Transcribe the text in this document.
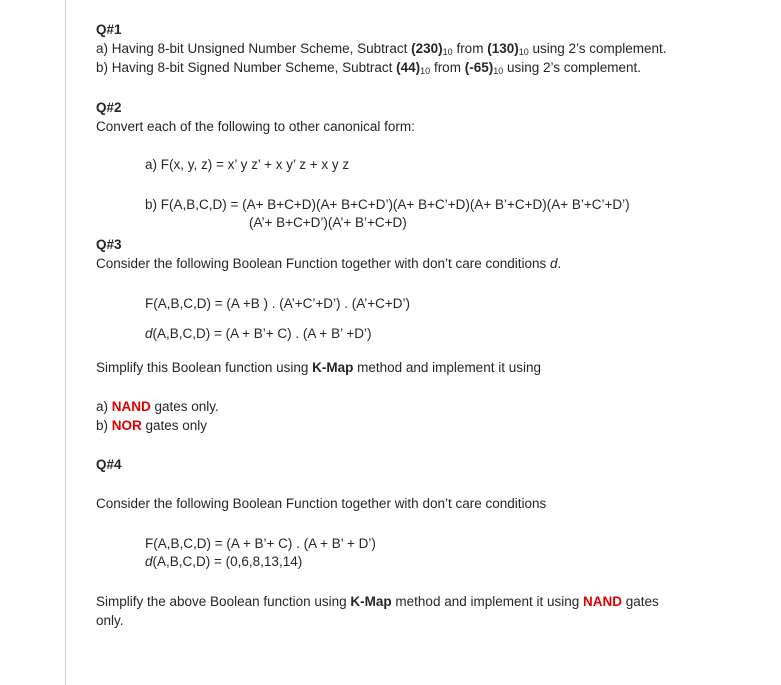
Q#1
a) Having 8-bit Unsigned Number Scheme, Subtract $(230)_{10}$ from $(130)_{10}$ using 2’s complement.
b) Having 8-bit Signed Number Scheme, Subtract $(44)_{10}$ from $(-65)_{10}$ using 2’s complement.
Q#2
Convert each of the following to other canonical form:
a) F(x, y, z) = x’ y z’ + x y’ z + x y z
b) F(A,B,C,D) = (A+ B+C+D)(A+ B+C+D’)(A+ B+C’+D)(A+ B’+C+D)(A+ B’+C’+D’)
(A’+ B+C+D’)(A’+ B’+C+D)
Q#3
Consider the following Boolean Function together with don’t care conditions d.
F(A,B,C,D) = (A +B ) . (A’+C’+D’) . (A’+C+D’)
d(A,B,C,D) = (A + B’+ C) . (A + B’ +D’)
Simplify this Boolean function using K-Map method and implement it using
a) NAND gates only.
b) NOR gates only
Q#4
Consider the following Boolean Function together with don’t care conditions
F(A,B,C,D) = (A + B’+ C) . (A + B’ + D’)
d(A,B,C,D) = (0,6,8,13,14)
Simplify the above Boolean function using K-Map method and implement it using NAND gates
only.
